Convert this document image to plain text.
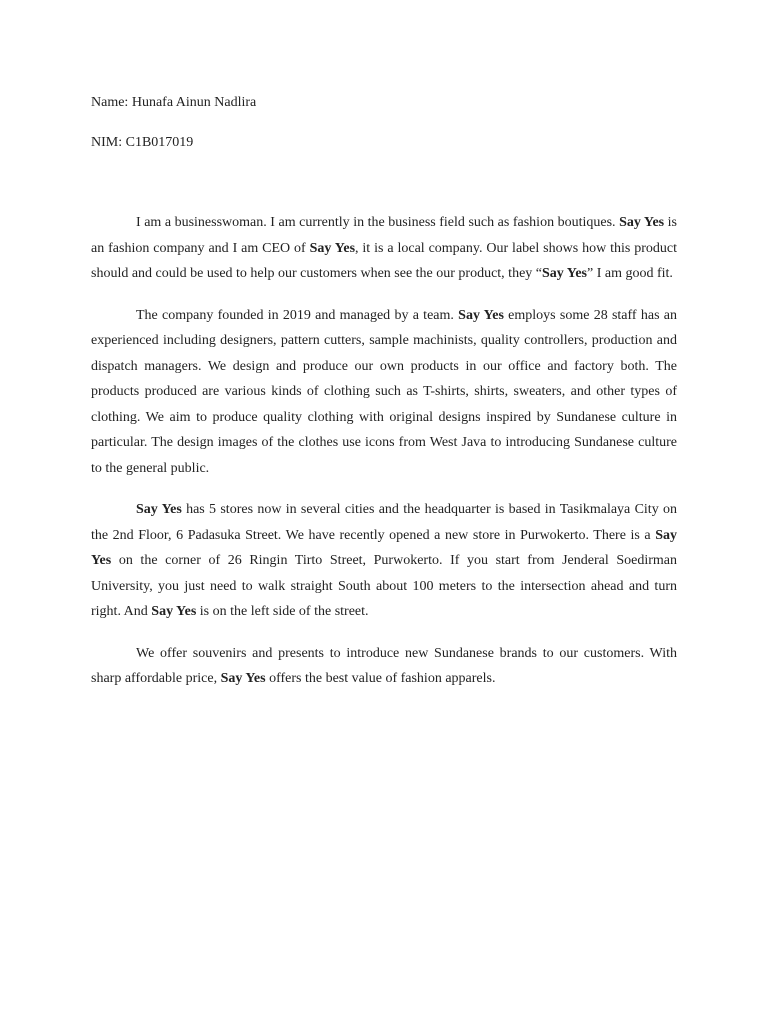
Name: Hunafa Ainun Nadlira

NIM: C1B017019

I am a businesswoman. I am currently in the business field such as fashion boutiques. Say Yes is an fashion company and I am CEO of Say Yes, it is a local company. Our label shows how this product should and could be used to help our customers when see the our product, they “Say Yes” I am good fit.

The company founded in 2019 and managed by a team. Say Yes employs some 28 staff has an experienced including designers, pattern cutters, sample machinists, quality controllers, production and dispatch managers. We design and produce our own products in our office and factory both. The products produced are various kinds of clothing such as T-shirts, shirts, sweaters, and other types of clothing. We aim to produce quality clothing with original designs inspired by Sundanese culture in particular. The design images of the clothes use icons from West Java to introducing Sundanese culture to the general public.

Say Yes has 5 stores now in several cities and the headquarter is based in Tasikmalaya City on the 2nd Floor, 6 Padasuka Street. We have recently opened a new store in Purwokerto. There is a Say Yes on the corner of 26 Ringin Tirto Street, Purwokerto. If you start from Jenderal Soedirman University, you just need to walk straight South about 100 meters to the intersection ahead and turn right. And Say Yes is on the left side of the street.

We offer souvenirs and presents to introduce new Sundanese brands to our customers. With sharp affordable price, Say Yes offers the best value of fashion apparels.
